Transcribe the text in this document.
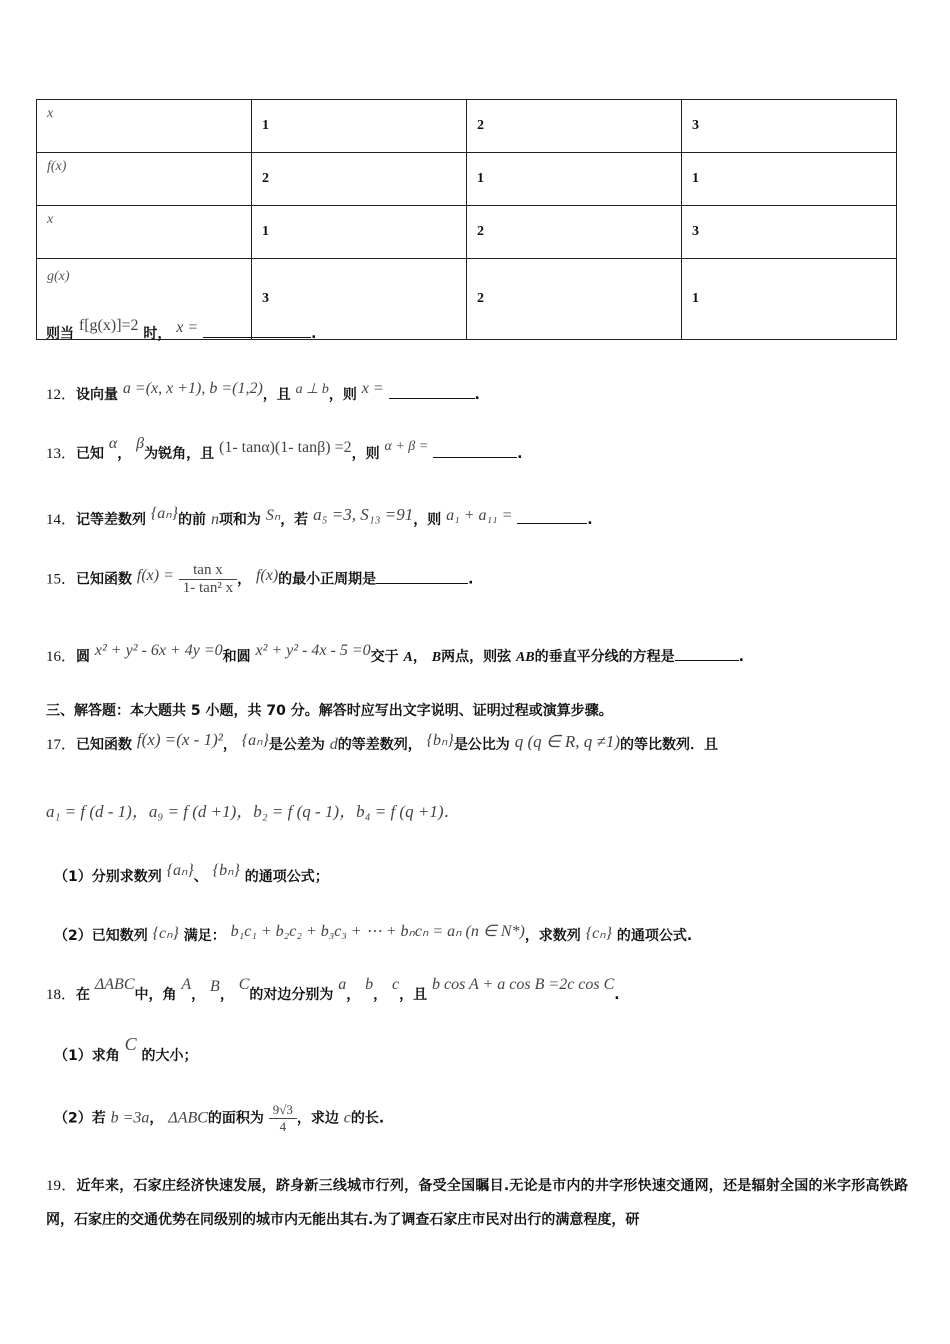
x	1	2	3
f(x)	2	1	1
x	1	2	3
g(x)	3	2	1
则当 f[g(x)]=2 时， x =	.
12．设向量 a =(x, x +1), b =(1,2)，且 a ⊥ b，则 x =	.
13．已知 α， β为锐角，且 (1- tanα)(1- tanβ) =2，则 α + β =	.
14．记等差数列 {aₙ}的前 n项和为 Sₙ，若 a₅ =3, S₁₃ =91，则 a₁ + a₁₁ =	.
15．已知函数 $f(x) = \frac{\text{tan x}}{\text{1- tan² x}}$ ， f(x)的最小正周期是	.
16．圆 x² + y² - 6x + 4y =0和圆 x² + y² - 4x - 5 =0交于 A， B两点，则弦 AB的垂直平分线的方程是	.
三、解答题：本大题共 5 小题，共 70 分。解答时应写出文字说明、证明过程或演算步骤。
17．已知函数 f(x) =(x - 1)²， {aₙ}是公差为 d的等差数列， {bₙ}是公比为 q (q ∈ R, q ≠1)的等比数列．且
a₁ = f (d - 1)，a₉ = f (d +1)，b₂ = f (q - 1)，b₄ = f (q +1)．
（1）分别求数列 {aₙ}、 {bₙ} 的通项公式；
（2）已知数列 {cₙ} 满足： b₁c₁ + b₂c₂ + b₃c₃ + ⋯ + bₙcₙ = aₙ (n ∈ N*)，求数列 {cₙ} 的通项公式.
18．在 ΔABC中，角 A， B， C的对边分别为 a， b， c，且 b cos A + a cos B =2c cos C.
（1）求角 C 的大小；
（2）若 b =3a， ΔABC的面积为 $\frac{9√3}{4}$ ，求边 c的长.
19．近年来，石家庄经济快速发展，跻身新三线城市行列，备受全国瞩目.无论是市内的井字形快速交通网，还是辐射全国的米字形高铁路网，石家庄的交通优势在同级别的城市内无能出其右.为了调查石家庄市民对出行的满意程度，研
